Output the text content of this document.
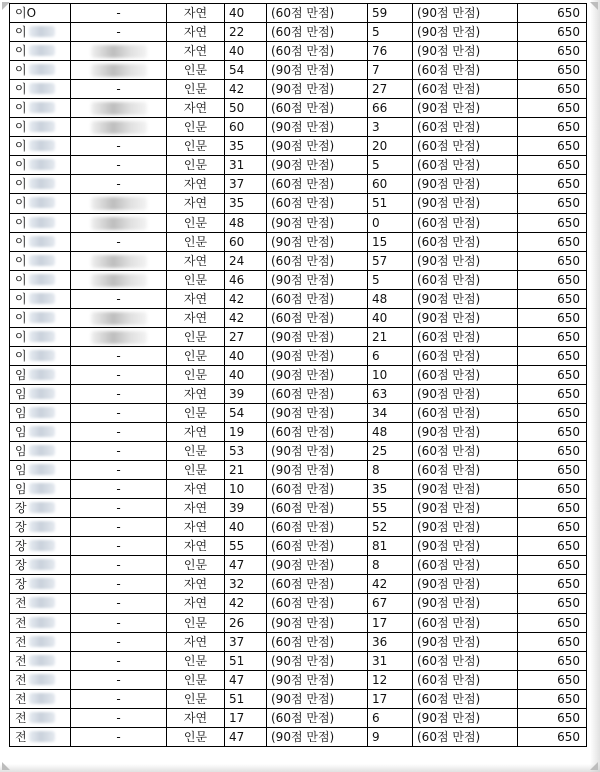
이O	-	자연	40	(60점 만점)	59	(90점 만점)	650
이	-	자연	22	(60점 만점)	5	(90점 만점)	650
이		자연	40	(60점 만점)	76	(90점 만점)	650
이		인문	54	(90점 만점)	7	(60점 만점)	650
이	-	인문	42	(90점 만점)	27	(60점 만점)	650
이		자연	50	(60점 만점)	66	(90점 만점)	650
이		인문	60	(90점 만점)	3	(60점 만점)	650
이	-	인문	35	(90점 만점)	20	(60점 만점)	650
이	-	인문	31	(90점 만점)	5	(60점 만점)	650
이	-	자연	37	(60점 만점)	60	(90점 만점)	650
이		자연	35	(60점 만점)	51	(90점 만점)	650
이		인문	48	(90점 만점)	0	(60점 만점)	650
이	-	인문	60	(90점 만점)	15	(60점 만점)	650
이		자연	24	(60점 만점)	57	(90점 만점)	650
이		인문	46	(90점 만점)	5	(60점 만점)	650
이	-	자연	42	(60점 만점)	48	(90점 만점)	650
이		자연	42	(60점 만점)	40	(90점 만점)	650
이		인문	27	(90점 만점)	21	(60점 만점)	650
이	-	인문	40	(90점 만점)	6	(60점 만점)	650
임	-	인문	40	(90점 만점)	10	(60점 만점)	650
임	-	자연	39	(60점 만점)	63	(90점 만점)	650
임	-	인문	54	(90점 만점)	34	(60점 만점)	650
임	-	자연	19	(60점 만점)	48	(90점 만점)	650
임	-	인문	53	(90점 만점)	25	(60점 만점)	650
임	-	인문	21	(90점 만점)	8	(60점 만점)	650
임	-	자연	10	(60점 만점)	35	(90점 만점)	650
장	-	자연	39	(60점 만점)	55	(90점 만점)	650
장	-	자연	40	(60점 만점)	52	(90점 만점)	650
장	-	자연	55	(60점 만점)	81	(90점 만점)	650
장	-	인문	47	(90점 만점)	8	(60점 만점)	650
장	-	자연	32	(60점 만점)	42	(90점 만점)	650
전	-	자연	42	(60점 만점)	67	(90점 만점)	650
전	-	인문	26	(90점 만점)	17	(60점 만점)	650
전	-	자연	37	(60점 만점)	36	(90점 만점)	650
전	-	인문	51	(90점 만점)	31	(60점 만점)	650
전	-	인문	47	(90점 만점)	12	(60점 만점)	650
전	-	인문	51	(90점 만점)	17	(60점 만점)	650
전	-	자연	17	(60점 만점)	6	(90점 만점)	650
전	-	인문	47	(90점 만점)	9	(60점 만점)	650
